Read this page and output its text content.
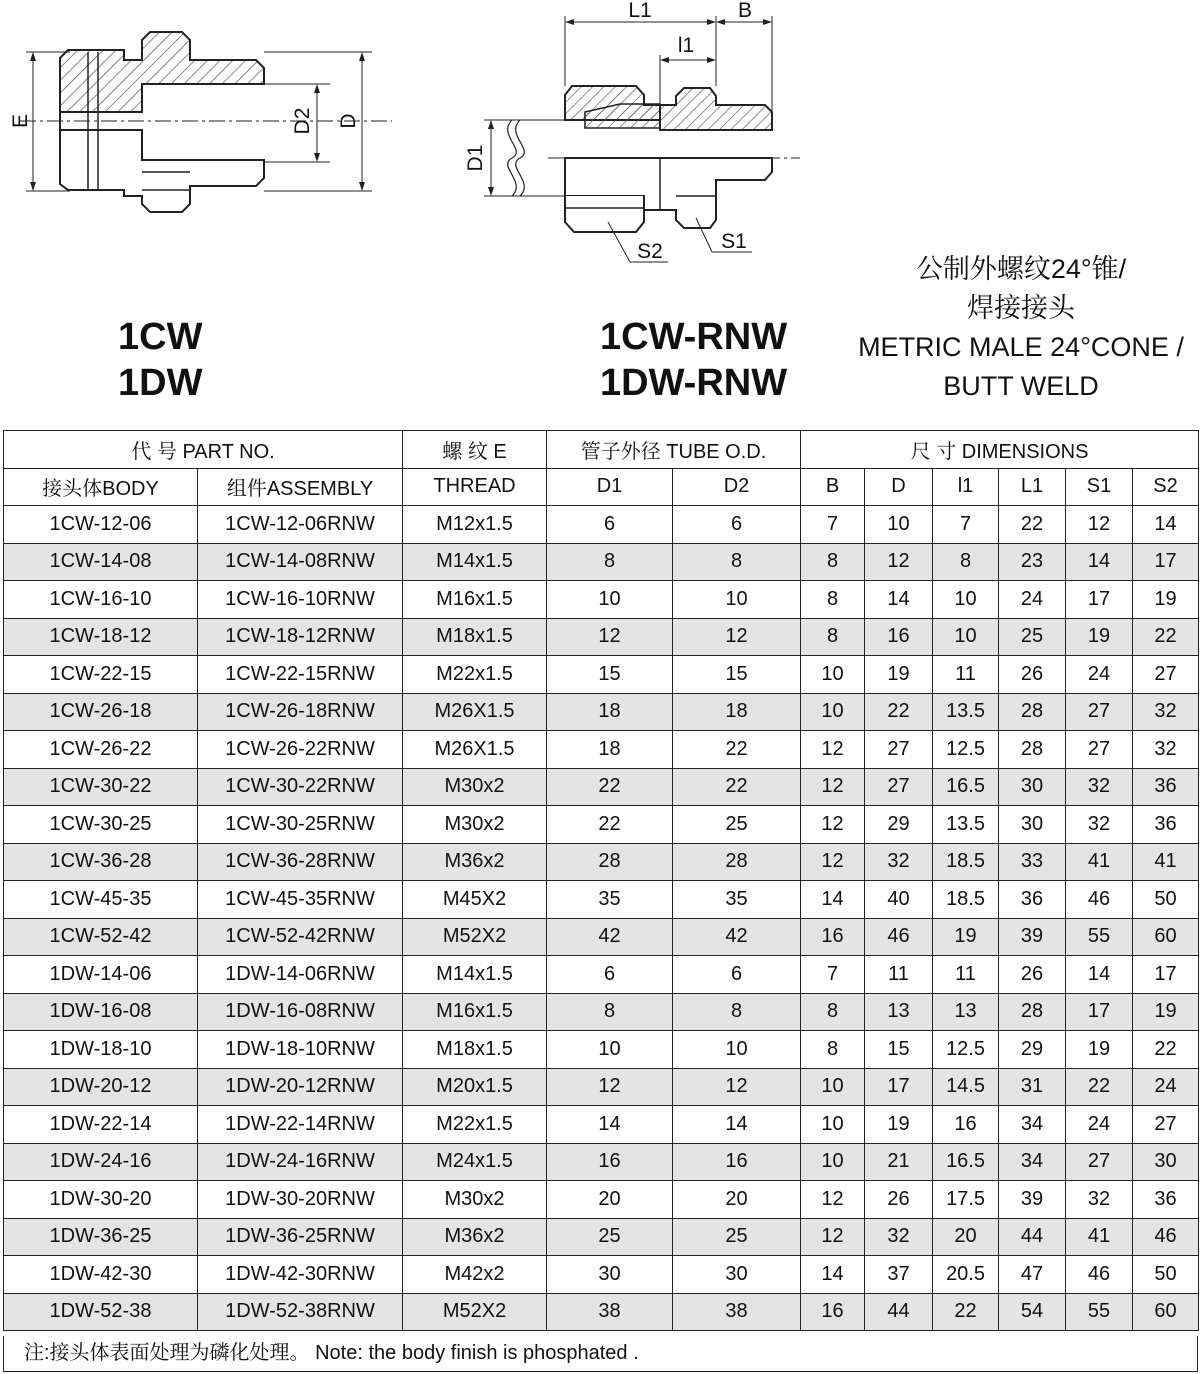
E	D2 D
L1	B
l1
D1
S2	S1
1CW
1DW
1CW-RNW
1DW-RNW
公制外螺纹24°锥/
焊接接头
METRIC MALE 24°CONE /
BUTT WELD
代 号 PART NO.		螺 纹 E	管子外径 TUBE O.D.		尺 寸 DIMENSIONS					
接头体BODY	组件ASSEMBLY	THREAD	D1	D2	B	D	l1	L1	S1	S2
1CW-12-06	1CW-12-06RNW	M12x1.5	6	6	7	10	7	22	12	14
1CW-14-08	1CW-14-08RNW	M14x1.5	8	8	8	12	8	23	14	17
1CW-16-10	1CW-16-10RNW	M16x1.5	10	10	8	14	10	24	17	19
1CW-18-12	1CW-18-12RNW	M18x1.5	12	12	8	16	10	25	19	22
1CW-22-15	1CW-22-15RNW	M22x1.5	15	15	10	19	11	26	24	27
1CW-26-18	1CW-26-18RNW	M26X1.5	18	18	10	22	13.5	28	27	32
1CW-26-22	1CW-26-22RNW	M26X1.5	18	22	12	27	12.5	28	27	32
1CW-30-22	1CW-30-22RNW	M30x2	22	22	12	27	16.5	30	32	36
1CW-30-25	1CW-30-25RNW	M30x2	22	25	12	29	13.5	30	32	36
1CW-36-28	1CW-36-28RNW	M36x2	28	28	12	32	18.5	33	41	41
1CW-45-35	1CW-45-35RNW	M45X2	35	35	14	40	18.5	36	46	50
1CW-52-42	1CW-52-42RNW	M52X2	42	42	16	46	19	39	55	60
1DW-14-06	1DW-14-06RNW	M14x1.5	6	6	7	11	11	26	14	17
1DW-16-08	1DW-16-08RNW	M16x1.5	8	8	8	13	13	28	17	19
1DW-18-10	1DW-18-10RNW	M18x1.5	10	10	8	15	12.5	29	19	22
1DW-20-12	1DW-20-12RNW	M20x1.5	12	12	10	17	14.5	31	22	24
1DW-22-14	1DW-22-14RNW	M22x1.5	14	14	10	19	16	34	24	27
1DW-24-16	1DW-24-16RNW	M24x1.5	16	16	10	21	16.5	34	27	30
1DW-30-20	1DW-30-20RNW	M30x2	20	20	12	26	17.5	39	32	36
1DW-36-25	1DW-36-25RNW	M36x2	25	25	12	32	20	44	41	46
1DW-42-30	1DW-42-30RNW	M42x2	30	30	14	37	20.5	47	46	50
1DW-52-38	1DW-52-38RNW	M52X2	38	38	16	44	22	54	55	60
注:接头体表面处理为磷化处理。 Note: the body finish is phosphated .
